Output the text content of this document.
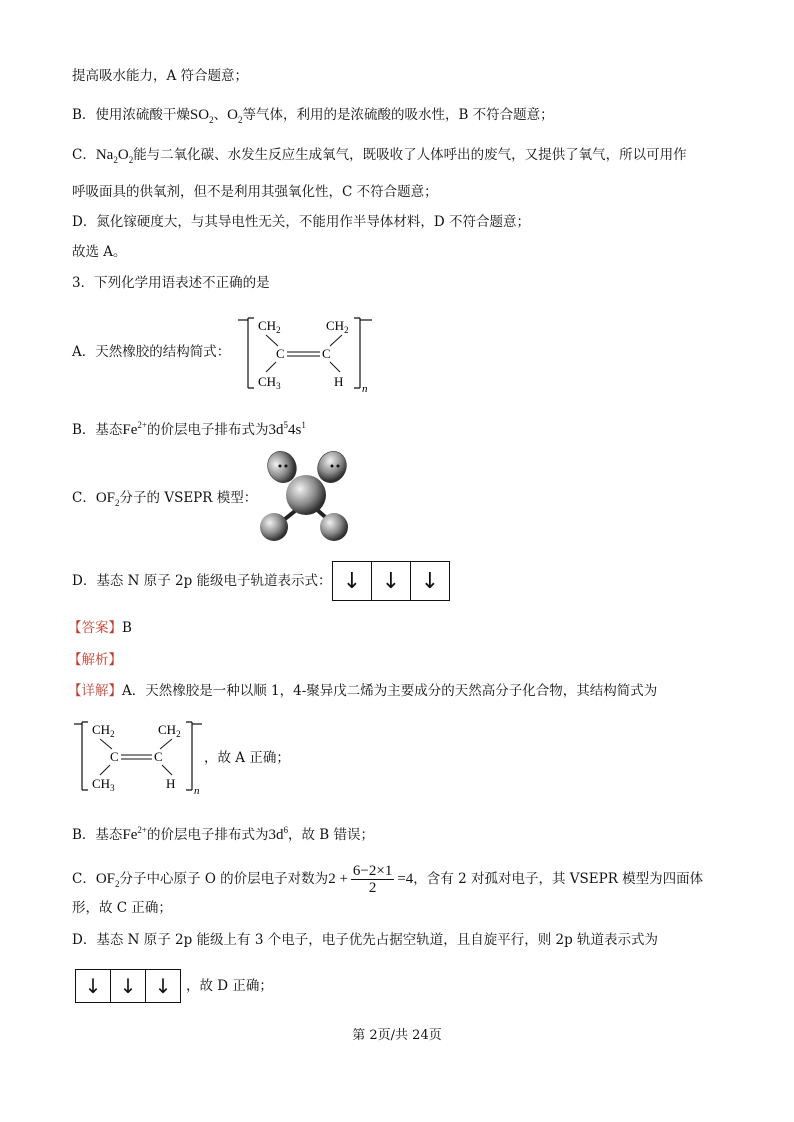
提高吸水能力，A 符合题意；
B．使用浓硫酸干燥$SO_2$、$O_2$等气体，利用的是浓硫酸的吸水性，B 不符合题意；
C．$Na_2O_2$能与二氧化碳、水发生反应生成氧气，既吸收了人体呼出的废气，又提供了氧气，所以可用作
呼吸面具的供氧剂，但不是利用其强氧化性，C 不符合题意；
D．氮化镓硬度大，与其导电性无关，不能用作半导体材料，D 不符合题意；
故选 A。
3．下列化学用语表述不正确的是
A．天然橡胶的结构简式：
$CH_2$	$CH_2$
C	C
$CH_3$	H n
B．基态$Fe^{2+}$的价层电子排布式为$3d^54s^1$
C．$OF_2$分子的 VSEPR 模型：
D．基态 N 原子 2p 能级电子轨道表示式： ↓ ↓ ↓
【答案】B
【解析】
【详解】A．天然橡胶是一种以顺 1，4-聚异戊二烯为主要成分的天然高分子化合物，其结构简式为
$CH_2$	$CH_2$
C	C
$CH_3$	H n
，故 A 正确；
B．基态$Fe^{2+}$的价层电子排布式为$3d^6$，故 B 错误；
C．$OF_2$分子中心原子 O 的价层电子对数为$2 + \frac{6-2\times 1}{2} =4$，含有 2 对孤对电子，其 VSEPR 模型为四面体
形，故 C 正确；
D．基态 N 原子 2p 能级上有 3 个电子，电子优先占据空轨道，且自旋平行，则 2p 轨道表示式为
↓ ↓ ↓	，故 D 正确；
第 2页/共 24页
